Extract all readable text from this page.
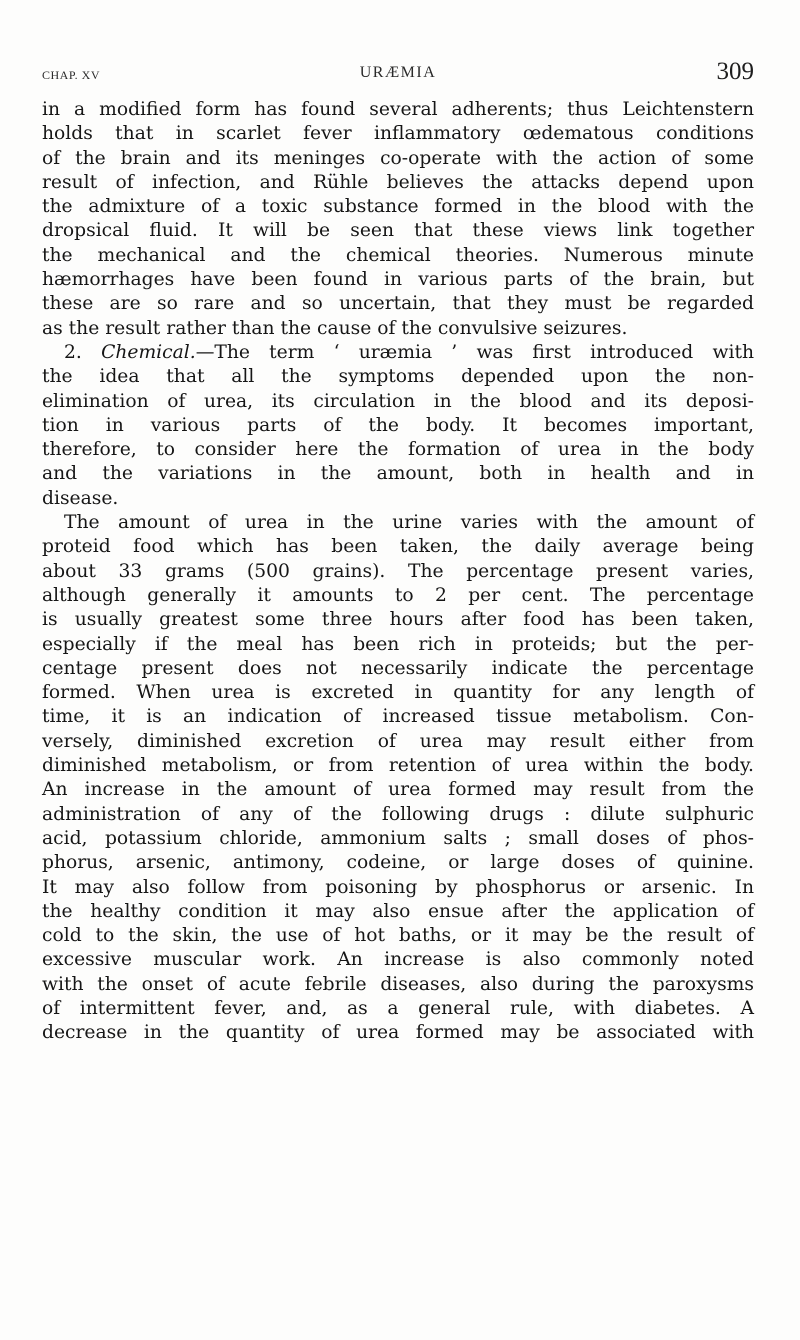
CHAP. XV	URÆMIA	309
in a modified form has found several adherents; thus Leichtenstern
holds that in scarlet fever inflammatory œdematous conditions
of the brain and its meninges co-operate with the action of some
result of infection, and Rühle believes the attacks depend upon
the admixture of a toxic substance formed in the blood with the
dropsical fluid. It will be seen that these views link together
the mechanical and the chemical theories. Numerous minute
hæmorrhages have been found in various parts of the brain, but
these are so rare and so uncertain, that they must be regarded
as the result rather than the cause of the convulsive seizures.
2. Chemical.—The term ‘ uræmia ’ was first introduced with
the idea that all the symptoms depended upon the non-
elimination of urea, its circulation in the blood and its deposi-
tion in various parts of the body. It becomes important,
therefore, to consider here the formation of urea in the body
and the variations in the amount, both in health and in
disease.
The amount of urea in the urine varies with the amount of
proteid food which has been taken, the daily average being
about 33 grams (500 grains). The percentage present varies,
although generally it amounts to 2 per cent. The percentage
is usually greatest some three hours after food has been taken,
especially if the meal has been rich in proteids; but the per-
centage present does not necessarily indicate the percentage
formed. When urea is excreted in quantity for any length of
time, it is an indication of increased tissue metabolism. Con-
versely, diminished excretion of urea may result either from
diminished metabolism, or from retention of urea within the body.
An increase in the amount of urea formed may result from the
administration of any of the following drugs : dilute sulphuric
acid, potassium chloride, ammonium salts ; small doses of phos-
phorus, arsenic, antimony, codeine, or large doses of quinine.
It may also follow from poisoning by phosphorus or arsenic. In
the healthy condition it may also ensue after the application of
cold to the skin, the use of hot baths, or it may be the result of
excessive muscular work. An increase is also commonly noted
with the onset of acute febrile diseases, also during the paroxysms
of intermittent fever, and, as a general rule, with diabetes. A
decrease in the quantity of urea formed may be associated with
